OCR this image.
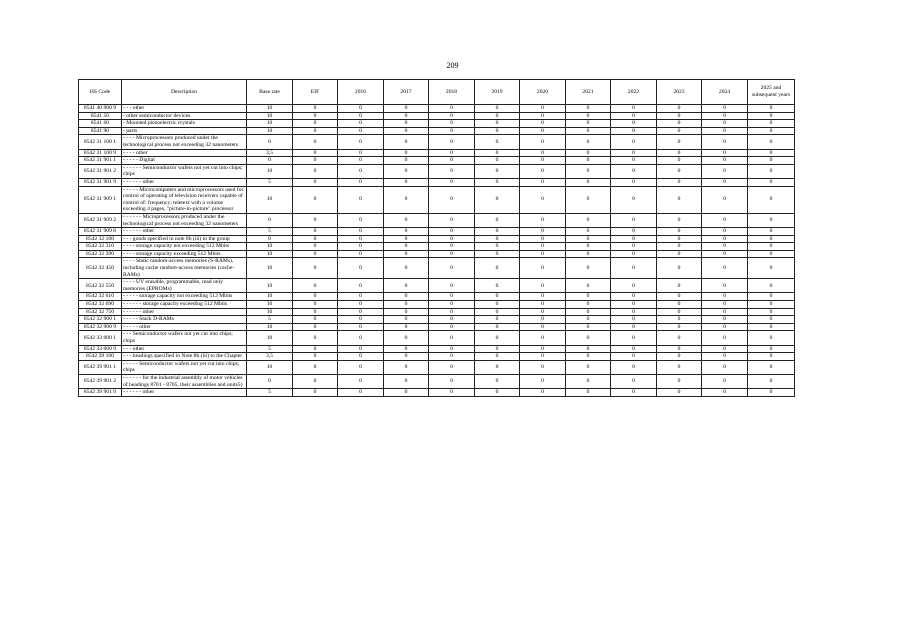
209
HS Code	Description	Base rate	EIF	2016	2017	2018	2019	2020	2021	2022	2023	2024	2025 and subsequent years
8541 40 900 9	- - - other	10	0	0	0	0	0	0	0	0	0	0	0
8541 50	- other semiconductor devices	10	0	0	0	0	0	0	0	0	0	0	0
8541 60	- Mounted piezoelectric crystals	10	0	0	0	0	0	0	0	0	0	0	0
8541 90	- parts	10	0	0	0	0	0	0	0	0	0	0	0
8542 31 100 1	- - - - Microprocessors produced under the technological process not exceeding 32 nanometers	0	0	0	0	0	0	0	0	0	0	0	0
8542 31 100 9	- - - - other	3,5	0	0	0	0	0	0	0	0	0	0	0
8542 31 901 1	- - - - - Digital	0	0	0	0	0	0	0	0	0	0	0	0
8542 31 901 2	- - - - - - Semiconductor wafers not yet cut into chips; chips	10	0	0	0	0	0	0	0	0	0	0	0
8542 31 901 9	- - - - - - other	5	0	0	0	0	0	0	0	0	0	0	0
8542 31 909 1	- - - - - Microcomputers and microprocessors used for control of operating of television receivers capable of control of: frequency; teletext with a volume exceeding 4 pages, "picture-in-picture" processor	10	0	0	0	0	0	0	0	0	0	0	0
8542 31 909 2	- - - - - - Microprocessors produced under the technological process not exceeding 32 nanometers	0	0	0	0	0	0	0	0	0	0	0	0
8542 31 909 8	- - - - - - other	5	0	0	0	0	0	0	0	0	0	0	0
8542 32 100	- - - goods specified in note 8b (iii) to the group	0	0	0	0	0	0	0	0	0	0	0	0
8542 32 310	- - - - storage capacity not exceeding 512 Mbits	10	0	0	0	0	0	0	0	0	0	0	0
8542 32 390	- - - - storage capacity exceeding 512 Mbits	10	0	0	0	0	0	0	0	0	0	0	0
8542 32 450	- - - - Static random-access memories (S-RAMs), including cache random-access memories (cache-RAMs)	10	0	0	0	0	0	0	0	0	0	0	0
8542 32 550	- - - - UV erasable, programmable, read only memories (EPROMs)	10	0	0	0	0	0	0	0	0	0	0	0
8542 32 610	- - - - - storage capacity not exceeding 512 Mbits	10	0	0	0	0	0	0	0	0	0	0	0
8542 32 690	- - - - - - storage capacity exceeding 512 Mbits	10	0	0	0	0	0	0	0	0	0	0	0
8542 32 750	- - - - - - other	10	0	0	0	0	0	0	0	0	0	0	0
8542 32 900 1	- - - - - Stack D-RAMs	5	0	0	0	0	0	0	0	0	0	0	0
8542 32 900 9	- - - - - other	10	0	0	0	0	0	0	0	0	0	0	0
8542 33 000 1	- - - Semiconductor wafers not yet cut into chips; chips	10	0	0	0	0	0	0	0	0	0	0	0
8542 33 000 9	- - - other	5	0	0	0	0	0	0	0	0	0	0	0
8542 39 100	- - - headings specified in Note 8b (iii) to the Chapter	3,5	0	0	0	0	0	0	0	0	0	0	0
8542 39 901 1	- - - - - Semiconductor wafers not yet cut into chips; chips	10	0	0	0	0	0	0	0	0	0	0	0
8542 39 901 2	- - - - - - for the industrial assembly of motor vehicles of headings 8701 - 8705, their assemblies and units5)	0	0	0	0	0	0	0	0	0	0	0	0
8542 39 901 9	- - - - - - other	5	0	0	0	0	0	0	0	0	0	0	0
